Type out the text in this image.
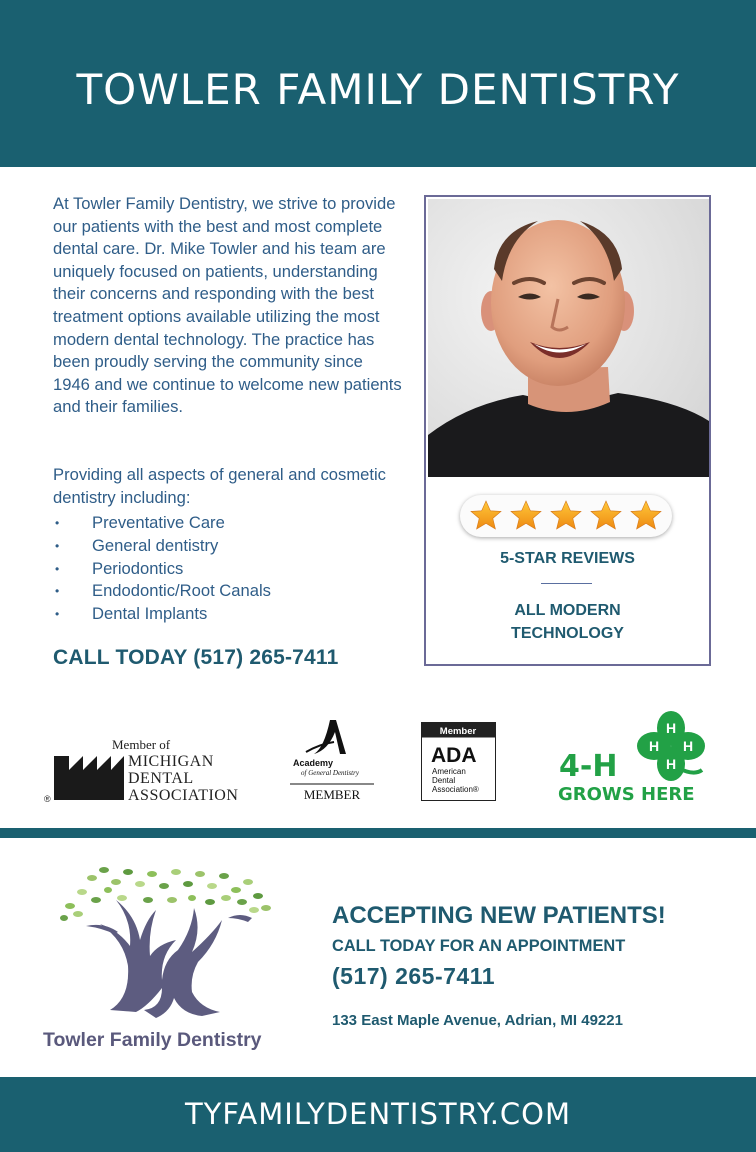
TOWLER FAMILY DENTISTRY

At Towler Family Dentistry, we strive to provide our patients with the best and most complete dental care. Dr. Mike Towler and his team are uniquely focused on patients, understanding their concerns and responding with the best treatment options available utilizing the most modern dental technology. The practice has been proudly serving the community since 1946 and we continue to welcome new patients and their families.

Providing all aspects of general and cosmetic dentistry including:

• Preventative Care
• General dentistry
• Periodontics
• Endodontic/Root Canals
• Dental Implants
CALL TODAY (517) 265-7411
5-STAR REVIEWS
ALL MODERN
TECHNOLOGY
Member of
MICHIGAN
DENTAL
ASSOCIATION
®
Academy
of General Dentistry
MEMBER
Member
ADA
American
Dental
Association®
H
H
H
H
4-H
GROWS HERE
Towler Family Dentistry
ACCEPTING NEW PATIENTS!
CALL TODAY FOR AN APPOINTMENT
(517) 265-7411
133 East Maple Avenue, Adrian, MI 49221
TYFAMILYDENTISTRY.COM
